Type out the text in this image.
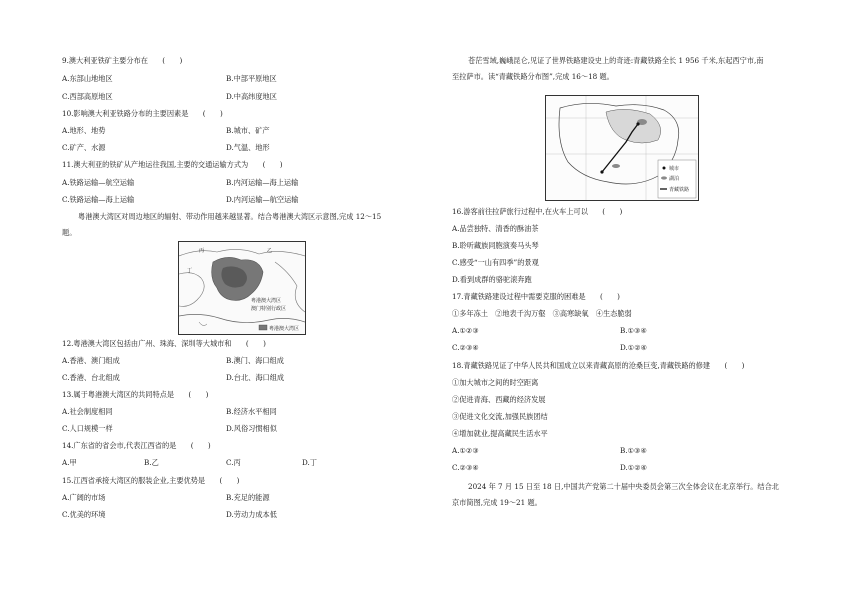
9.澳大利亚铁矿主要分布在　　(　　)
A.东部山地地区	B.中部平原地区
C.西部高原地区	D.中高纬度地区
10.影响澳大利亚铁路分布的主要因素是　　(　　)
A.地形、地势	B.城市、矿产
C.矿产、水源	D.气温、地形
11.澳大利亚的铁矿从产地运往我国,主要的交通运输方式为　　(　　)
A.铁路运输—航空运输	B.内河运输—海上运输
C.铁路运输—海上运输	D.内河运输—航空运输
粤港澳大湾区对周边地区的辐射、带动作用越来越显著。结合粤港澳大湾区示意图,完成 12～15
题。
丙	乙
丁
粤港澳大湾区
澳门特别行政区
粤港澳大湾区
12.粤港澳大湾区包括由广州、珠海、深圳等大城市和　　(　　)
A.香港、澳门组成	B.澳门、海口组成
C.香港、台北组成	D.台北、海口组成
13.属于粤港澳大湾区的共同特点是　　(　　)
A.社会制度相同	B.经济水平相同
C.人口规模一样	D.风俗习惯相似
14.广东省的省会市,代表江西省的是　　(　　)
A.甲	B.乙	C.丙	D.丁
15.江西省承接大湾区的服装企业,主要优势是　　(　　)
A.广阔的市场	B.充足的能源
C.优美的环境	D.劳动力成本低
苍茫雪域,巍峨昆仑,见证了世界铁路建设史上的奇迹:青藏铁路全长 1 956 千米,东起西宁市,南
至拉萨市。读“青藏铁路分布图”,完成 16～18 题。
城市
湖泊
青藏铁路
16.游客前往拉萨旅行过程中,在火车上可以　　(　　)
A.品尝独特、清香的酥油茶
B.聆听藏族同胞演奏马头琴
C.感受“一山有四季”的景观
D.看到成群的骆驼滚奔跑
17.青藏铁路建设过程中需要克服的困难是　　(　　)
①多年冻土　②地表千沟万壑　③高寒缺氧　④生态脆弱
A.①②③	B.①③④
C.②③④	D.①②④
18.青藏铁路见证了中华人民共和国成立以来青藏高原的沧桑巨变,青藏铁路的修建　　(　　)
①加大城市之间的时空距离
②促进青海、西藏的经济发展
③促进文化交流,加强民族团结
④增加就业,提高藏民生活水平
A.①②③	B.①③④
C.②③④	D.①②④
2024 年 7 月 15 日至 18 日,中国共产党第二十届中央委员会第三次全体会议在北京举行。结合北
京市简图,完成 19～21 题。
